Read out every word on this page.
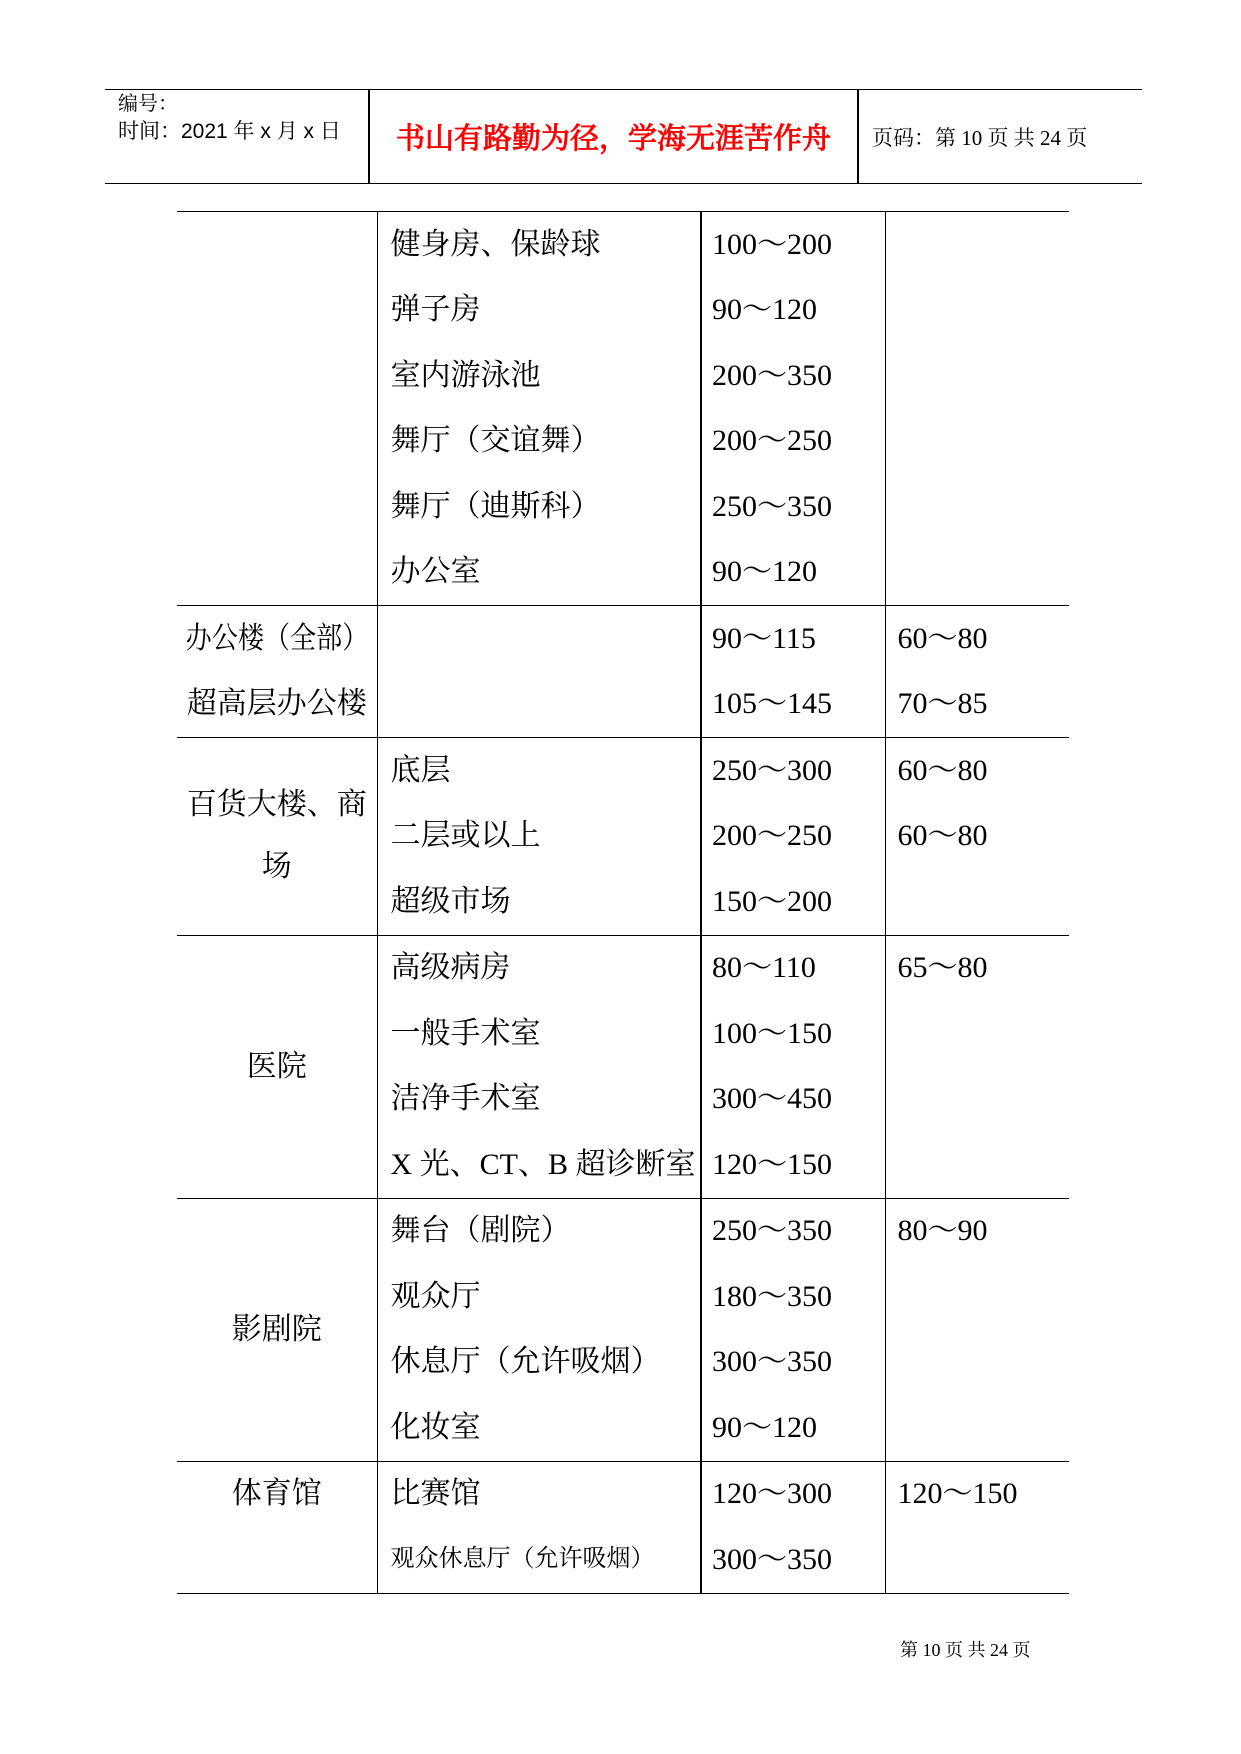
编号：
时间：2021 年 x 月 x 日	书山有路勤为径，学海无涯苦作舟	页码：第 10 页 共 24 页
	健身房、保龄球	100～200	
	弹子房	90～120	
	室内游泳池	200～350	
	舞厅（交谊舞）	200～250	
	舞厅（迪斯科）	250～350	
	办公室	90～120	
办公楼（全部）		90～115	60～80
超高层办公楼		105～145	70～85
百货大楼、商场	底层	250～300	60～80
	二层或以上	200～250	60～80
	超级市场	150～200	
医院	高级病房	80～110	65～80
	一般手术室	100～150	
	洁净手术室	300～450	
	X 光、CT、B 超诊断室	120～150	
影剧院	舞台（剧院）	250～350	80～90
	观众厅	180～350	
	休息厅（允许吸烟）	300～350	
	化妆室	90～120	
体育馆	比赛馆	120～300	120～150
	观众休息厅（允许吸烟）	300～350	
第 10 页 共 24 页
